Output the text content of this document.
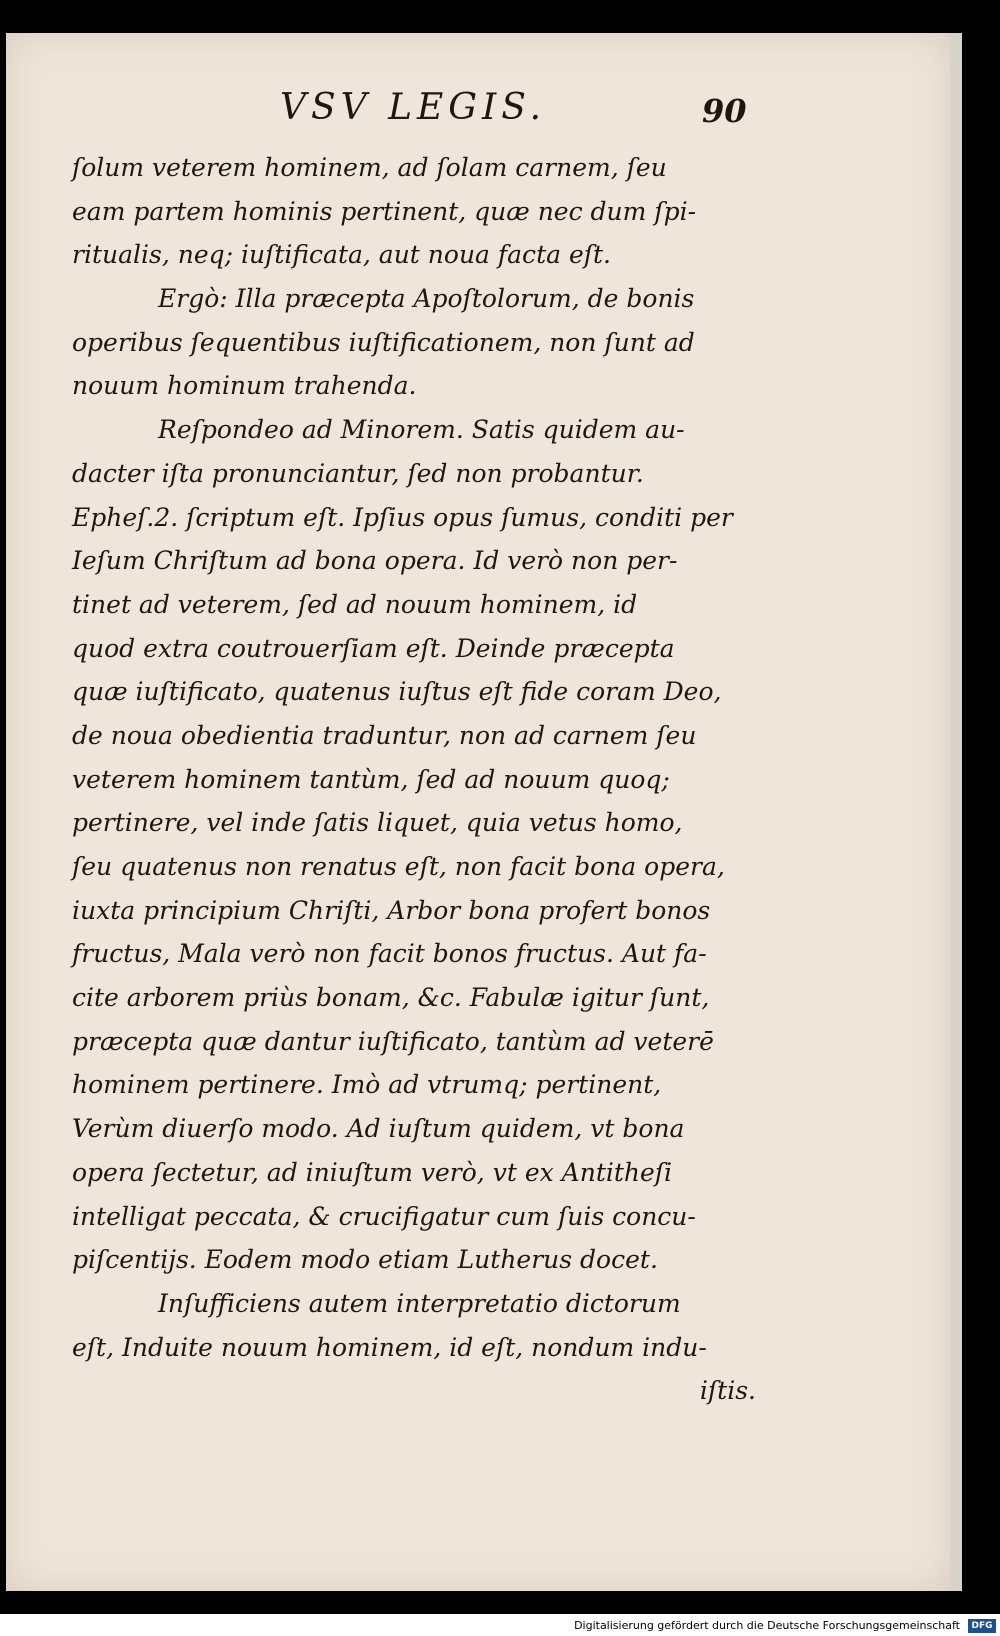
VSV LEGIS.	90
ſolum veterem hominem, ad ſolam carnem, ſeu
eam partem hominis pertinent, quæ nec dum ſpi-
ritualis, neq; iuſtificata, aut noua facta eſt.
Ergò: Illa præcepta Apoſtolorum, de bonis
operibus ſequentibus iuſtificationem, non ſunt ad
nouum hominum trahenda.
Reſpondeo ad Minorem. Satis quidem au-
dacter iſta pronunciantur, ſed non probantur.
Epheſ.2. ſcriptum eſt. Ipſius opus ſumus, conditi per
Ieſum Chriſtum ad bona opera. Id verò non per-
tinet ad veterem, ſed ad nouum hominem, id
quod extra coutrouerſiam eſt. Deinde præcepta
quæ iuſtificato, quatenus iuſtus eſt fide coram Deo,
de noua obedientia traduntur, non ad carnem ſeu
veterem hominem tantùm, ſed ad nouum quoq;
pertinere, vel inde ſatis liquet, quia vetus homo,
ſeu quatenus non renatus eſt, non facit bona opera,
iuxta principium Chriſti, Arbor bona profert bonos
fructus, Mala verò non facit bonos fructus. Aut fa-
cite arborem priùs bonam, &c. Fabulæ igitur ſunt,
præcepta quæ dantur iuſtificato, tantùm ad veterē
hominem pertinere. Imò ad vtrumq; pertinent,
Verùm diuerſo modo. Ad iuſtum quidem, vt bona
opera ſectetur, ad iniuſtum verò, vt ex Antitheſi
intelligat peccata, & crucifigatur cum ſuis concu-
piſcentijs. Eodem modo etiam Lutherus docet.
Inſufficiens autem interpretatio dictorum
eſt, Induite nouum hominem, id eſt, nondum indu-
iſtis.
Digitalisierung gefördert durch die Deutsche Forschungsgemeinschaft	DFG
